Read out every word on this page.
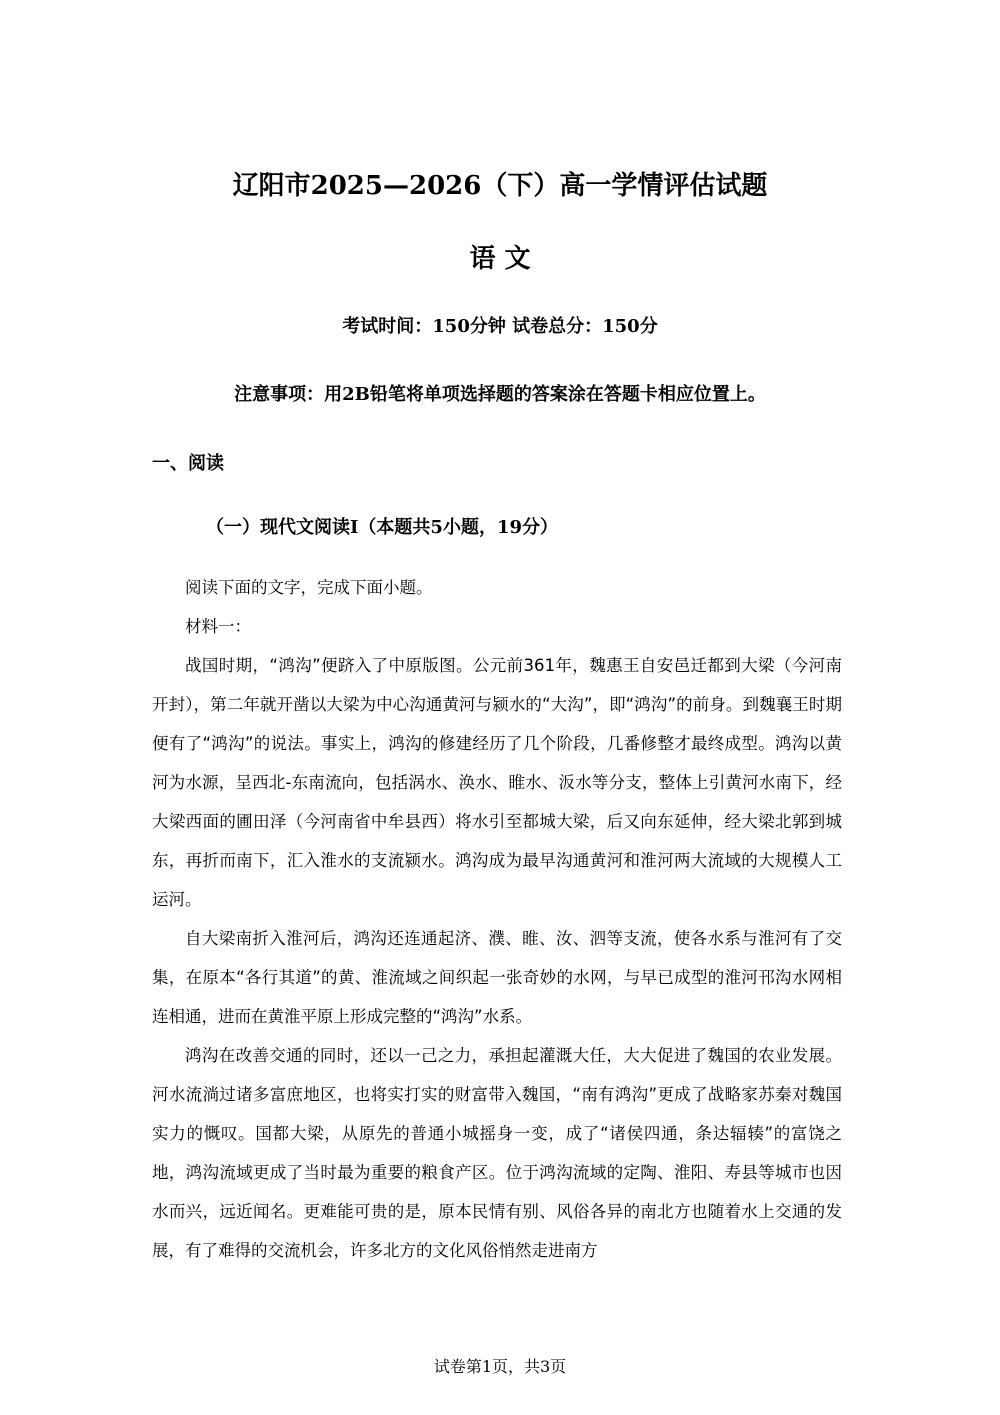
辽阳市2025—2026（下）高一学情评估试题
语 文
考试时间：150分钟 试卷总分：150分
注意事项：用2B铅笔将单项选择题的答案涂在答题卡相应位置上。
一、阅读
（一）现代文阅读Ⅰ（本题共5小题，19分）

阅读下面的文字，完成下面小题。

材料一：

战国时期，“鸿沟”便跻入了中原版图。公元前361年，魏惠王自安邑迁都到大梁（今河南开封），第二年就开凿以大梁为中心沟通黄河与颍水的“大沟”，即“鸿沟”的前身。到魏襄王时期便有了“鸿沟”的说法。事实上，鸿沟的修建经历了几个阶段，几番修整才最终成型。鸿沟以黄河为水源，呈西北-东南流向，包括涡水、涣水、睢水、汳水等分支，整体上引黄河水南下，经大梁西面的圃田泽（今河南省中牟县西）将水引至都城大梁，后又向东延伸，经大梁北郭到城东，再折而南下，汇入淮水的支流颍水。鸿沟成为最早沟通黄河和淮河两大流域的大规模人工运河。

自大梁南折入淮河后，鸿沟还连通起济、濮、睢、汝、泗等支流，使各水系与淮河有了交集，在原本“各行其道”的黄、淮流域之间织起一张奇妙的水网，与早已成型的淮河邗沟水网相连相通，进而在黄淮平原上形成完整的“鸿沟”水系。

鸿沟在改善交通的同时，还以一己之力，承担起灌溉大任，大大促进了魏国的农业发展。河水流淌过诸多富庶地区，也将实打实的财富带入魏国，“南有鸿沟”更成了战略家苏秦对魏国实力的慨叹。国都大梁，从原先的普通小城摇身一变，成了“诸侯四通，条达辐辏”的富饶之地，鸿沟流域更成了当时最为重要的粮食产区。位于鸿沟流域的定陶、淮阳、寿县等城市也因水而兴，远近闻名。更难能可贵的是，原本民情有别、风俗各异的南北方也随着水上交通的发展，有了难得的交流机会，许多北方的文化风俗悄然走进南方

试卷第1页，共3页
